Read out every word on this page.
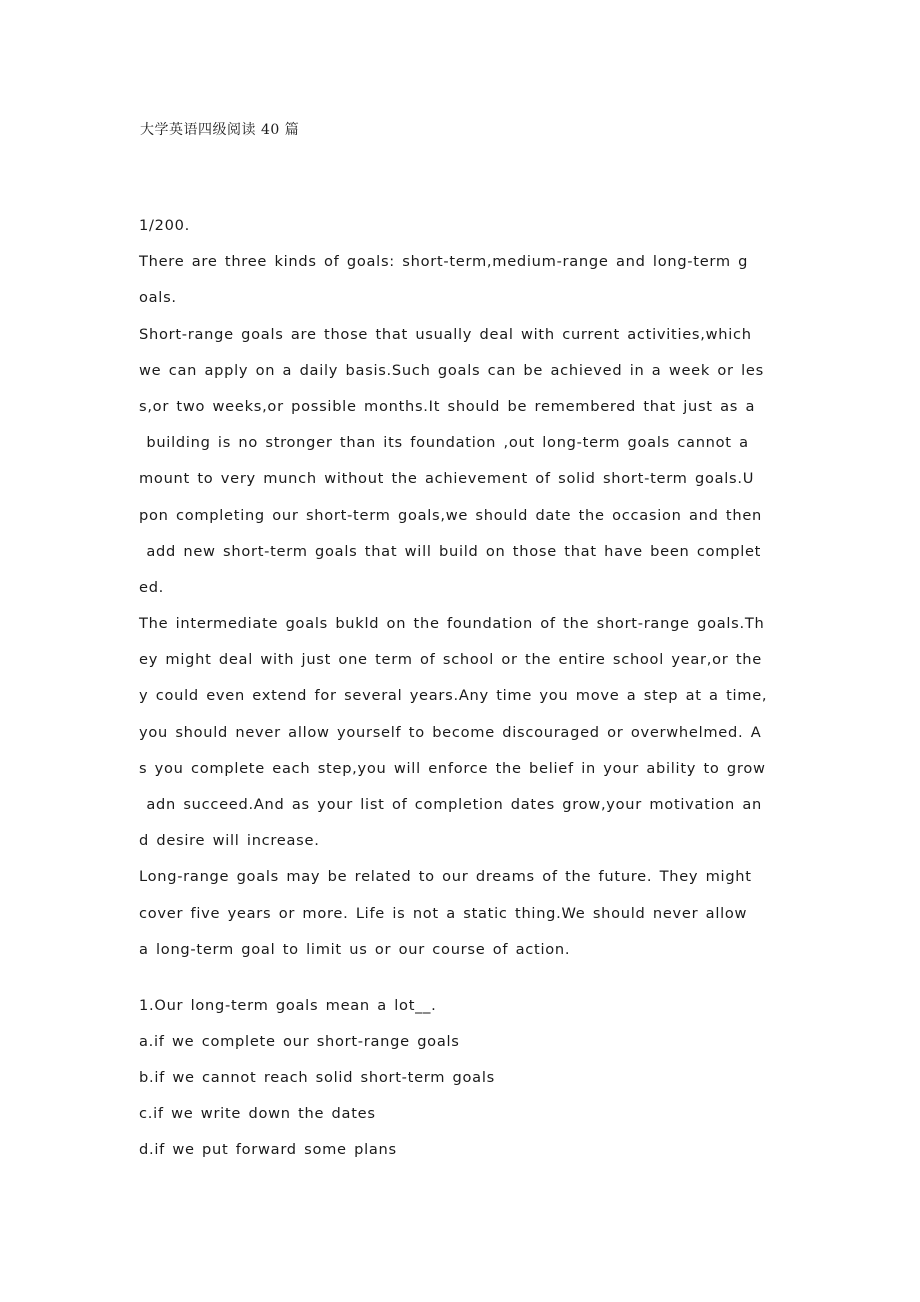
大学英语四级阅读 40 篇
1/200.
There are three kinds of goals: short-term,medium-range and long-term g
oals.
Short-range goals are those that usually deal with current activities,which
we can apply on a daily basis.Such goals can be achieved in a week or les
s,or two weeks,or possible months.It should be remembered that just as a
building is no stronger than its foundation ,out long-term goals cannot a
mount to very munch without the achievement of solid short-term goals.U
pon completing our short-term goals,we should date the occasion and then
add new short-term goals that will build on those that have been complet
ed.
The intermediate goals bukld on the foundation of the short-range goals.Th
ey might deal with just one term of school or the entire school year,or the
y could even extend for several years.Any time you move a step at a time,
you should never allow yourself to become discouraged or overwhelmed. A
s you complete each step,you will enforce the belief in your ability to grow
adn succeed.And as your list of completion dates grow,your motivation an
d desire will increase.
Long-range goals may be related to our dreams of the future. They might
cover five years or more. Life is not a static thing.We should never allow
a long-term goal to limit us or our course of action.
1.Our long-term goals mean a lot__.
a.if we complete our short-range goals
b.if we cannot reach solid short-term goals
c.if we write down the dates
d.if we put forward some plans
